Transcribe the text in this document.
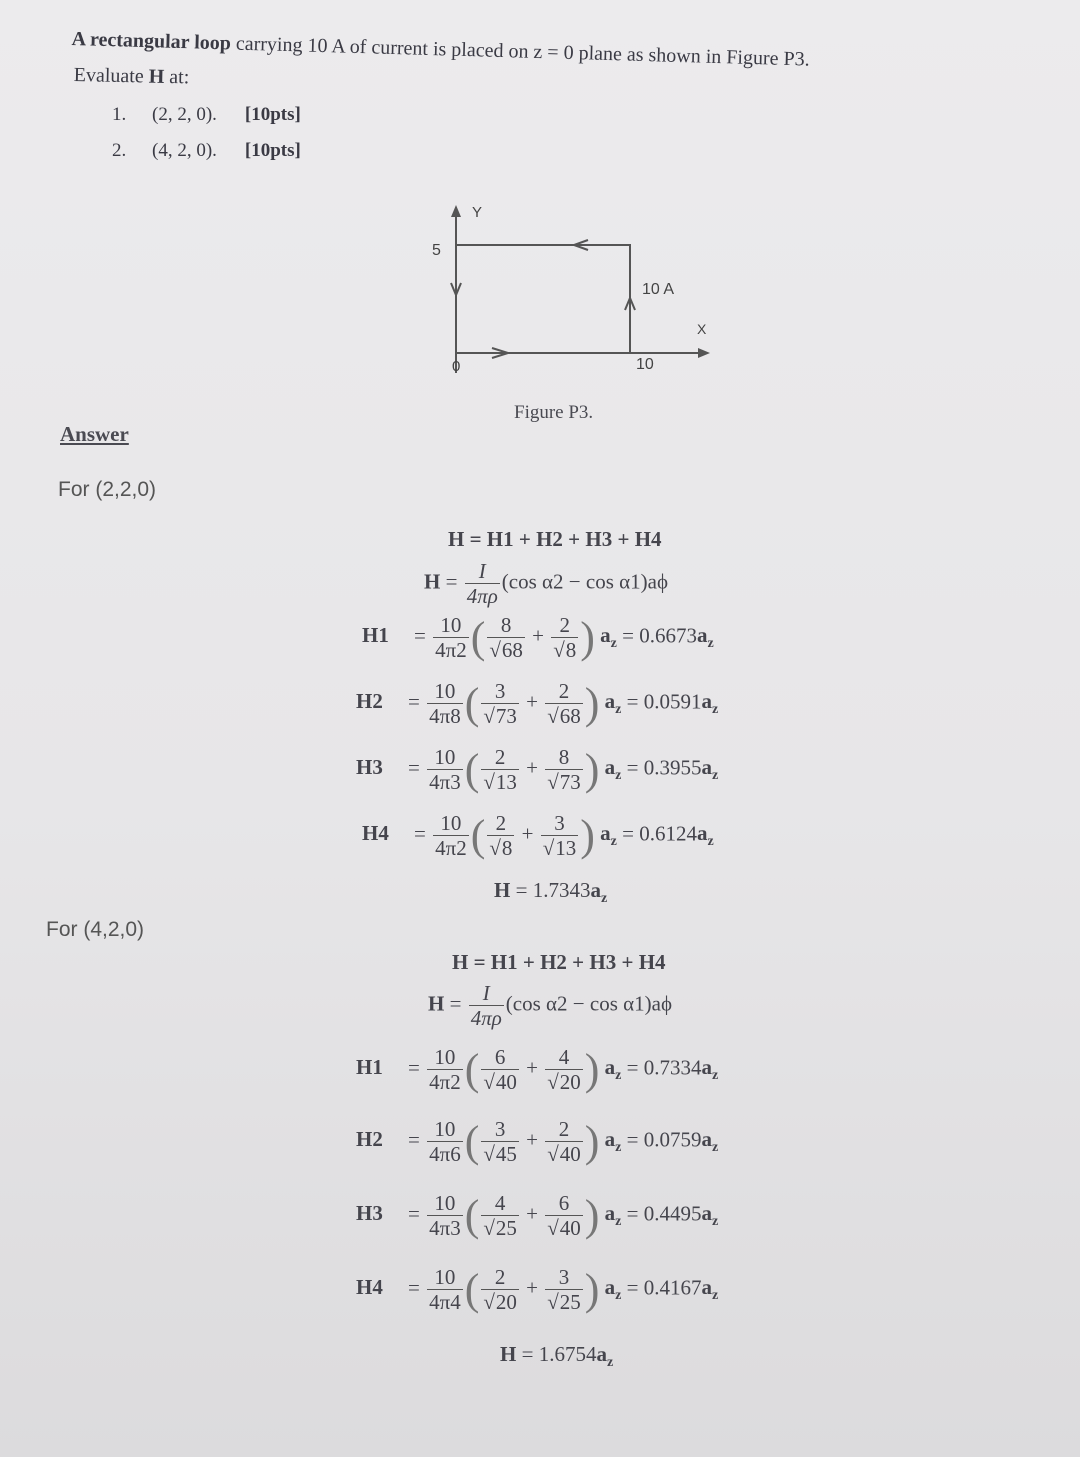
A rectangular loop carrying 10 A of current is placed on z = 0 plane as shown in Figure P3.
Evaluate H at:
1. (2, 2, 0). [10pts]
2. (4, 2, 0). [10pts]
Y
5
0	10
10 A
X
Figure P3.
Answer
For (2,2,0)
H = H1 + H2 + H3 + H4
$H = \frac{I}{4\pi\rho} (\cos$ α2 − cos α1)aϕ
$H1 = \frac{10}{4\pi 2}$ ( $\frac{8}{√68} + \frac{2}{√8}$ ) $a_z = 0.6673a_z$
$H2 = \frac{10}{4\pi 8}$ ( $\frac{3}{√73} + \frac{2}{√68}$ ) $a_z = 0.0591a_z$
$H3 = \frac{10}{4\pi 3}$ ( $\frac{2}{√13} + \frac{8}{√73}$ ) $a_z = 0.3955a_z$
$H4 = \frac{10}{4\pi 2}$ ( $\frac{2}{√8} + \frac{3}{√13}$ ) $a_z = 0.6124a_z$
$H = 1.7343a_z$
For (4,2,0)
H = H1 + H2 + H3 + H4
$H = \frac{I}{4\pi\rho} (\cos$ α2 − cos α1)aϕ
$H1 = \frac{10}{4\pi 2}$ ( $\frac{6}{√40} + \frac{4}{√20}$ ) $a_z = 0.7334a_z$
$H2 = \frac{10}{4\pi 6}$ ( $\frac{3}{√45} + \frac{2}{√40}$ ) $a_z = 0.0759a_z$
$H3 = \frac{10}{4\pi 3}$ ( $\frac{4}{√25} + \frac{6}{√40}$ ) $a_z = 0.4495a_z$
$H4 = \frac{10}{4\pi 4}$ ( $\frac{2}{√20} + \frac{3}{√25}$ ) $a_z = 0.4167a_z$
$H = 1.6754a_z$
